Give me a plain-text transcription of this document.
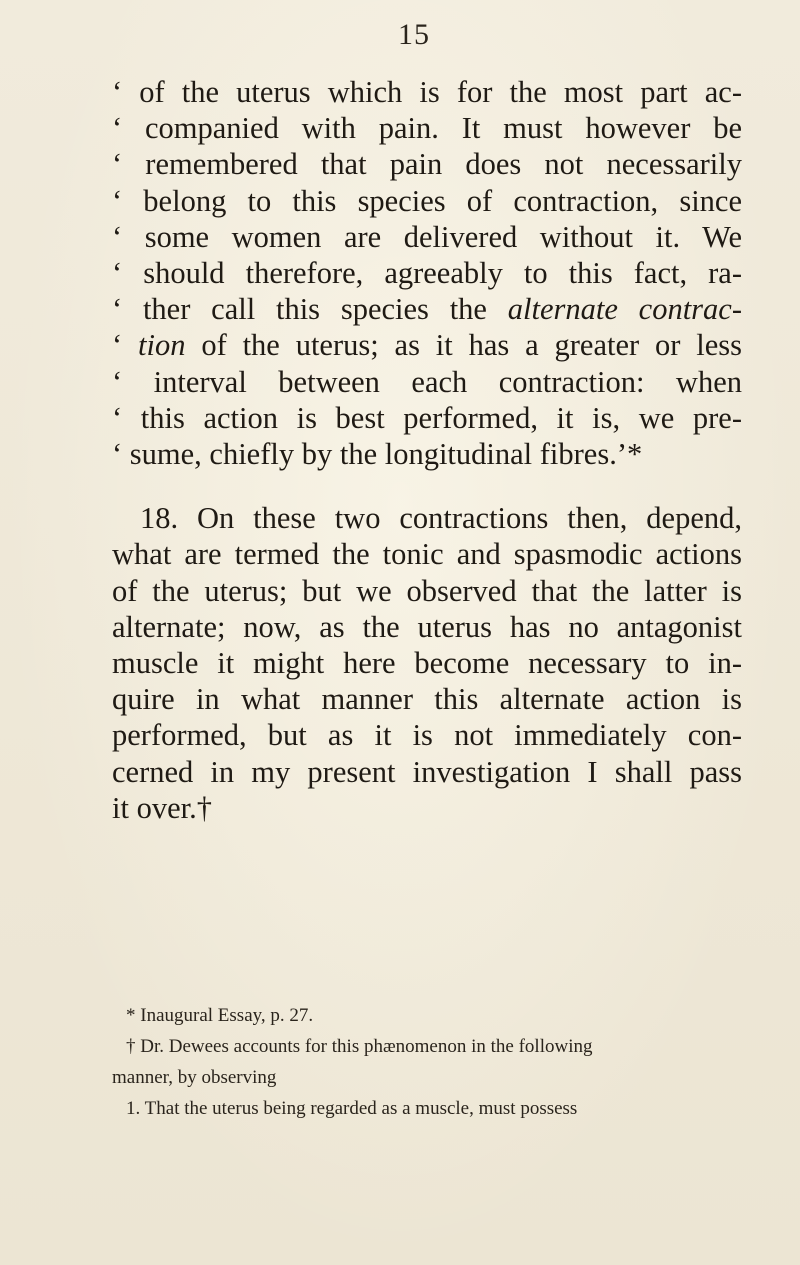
15
‘ of the uterus which is for the most part ac-
‘ companied with pain. It must however be
‘ remembered that pain does not necessarily
‘ belong to this species of contraction, since
‘ some women are delivered without it. We
‘ should therefore, agreeably to this fact, ra-
‘ ther call this species the alternate contrac-
‘ tion of the uterus; as it has a greater or less
‘ interval between each contraction: when
‘ this action is best performed, it is, we pre-
‘ sume, chiefly by the longitudinal fibres.’*
18. On these two contractions then, depend,
what are termed the tonic and spasmodic actions
of the uterus; but we observed that the latter is
alternate; now, as the uterus has no antagonist
muscle it might here become necessary to in-
quire in what manner this alternate action is
performed, but as it is not immediately con-
cerned in my present investigation I shall pass
it over.†
* Inaugural Essay, p. 27.
† Dr. Dewees accounts for this phænomenon in the following
manner, by observing
1. That the uterus being regarded as a muscle, must possess
